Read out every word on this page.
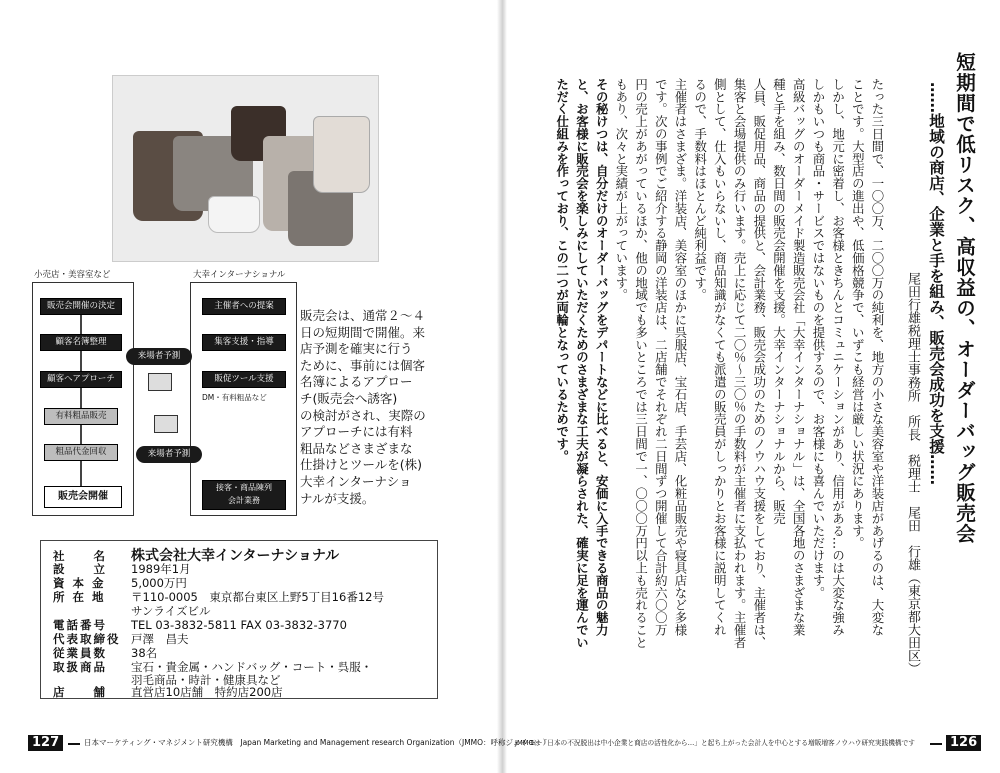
小売店・美容室など	大幸インターナショナル
販売会開催の決定
顧客名簿整理
顧客へアプローチ
有料粗品販売
粗品代金回収
販売会開催
主催者への提案
集客支援・指導
販促ツール支援
DM・有料粗品など
接客・商品陳列
会計業務
来場者予測
来場者予測
販売会は、通常２～４
日の短期間で開催。来
店予測を確実に行う
ために、事前には個客
名簿によるアプロー
チ(販売会へ誘客)
の検討がされ、実際の
アプローチには有料
粗品などさまざまな
仕掛けとツールを(株)
大幸インターナショ
ナルが支援。
社　　名 株式会社大幸インターナショナル
設　　立 1989年1月
資 本 金 5,000万円
所 在 地 〒110-0005　東京都台東区上野5丁目16番12号
サンライズビル
電話番号 TEL 03-3832-5811 FAX 03-3832-3770
代表取締役 戸澤　昌夫
従業員数 38名
取扱商品 宝石・貴金属・ハンドバッグ・コート・呉服・
羽毛商品・時計・健康具など
店　　舗 直営店10店舗　特約店200店
127	日本マーケティング・マネジメント研究機構　Japan Marketing and Management research Organization（JMMO：呼称ジェイモー）
短期間で低リスク、高収益の、オーダーバッグ販売会
……地域の商店、企業と手を組み、販売会成功を支援……
尾田行雄税理士事務所　所長　税理士　尾田　行雄（東京都大田区）
たった三日間で、一〇〇万、二〇〇万の純利を、地方の小さな美容室や洋装店があげるのは、大変な
ことです。大型店の進出や、低価格競争で、いずこも経営は厳しい状況にあります。
しかし、地元に密着し、お客様ときちんとコミュニケーションがあり、信用がある…のは大変な強み
しかもいつも商品・サービスではないものを提供するので、お客様にも喜んでいただけます。
高級バッグのオーダーメイド製造販売会社「大幸インターナショナル」は、全国各地のさまざまな業
種と手を組み、数日間の販売会開催を支援。大幸インターナショナルから、販売
人員、販促用品、商品の提供と、会計業務、販売会成功のためのノウハウ支援をしており、主催者は、
集客と会場提供のみ行います。売上に応じて二〇％～三〇％の手数料が主催者に支払われます。主催者
側として、仕入もいらないし、商品知識がなくても派遣の販売員がしっかりとお客様に説明してくれ
るので、手数料はほとんど純利益です。
主催者はさまざま。洋装店、美容室のほかに呉服店、宝石店、手芸店、化粧品販売や寝具店など多様
です。次の事例でご紹介する静岡の洋装店は、二店舗でそれぞれ二日間ずつ開催して合計約六〇〇万
円の売上があがっているほか、他の地域でも多いところでは三日間で一、〇〇〇万円以上も売れること
もあり、次々と実績が上がっています。
その秘けつは、自分だけのオーダーバッグをデパートなどに比べると、安価に入手できる商品の魅力
と、お客様に販売会を楽しみにしていただくためのさまざまな工夫が凝らされた、確実に足を運んでい
ただく仕組みを作っており、この二つが両輪となっているためです。
JMMOは「日本の不況脱出は中小企業と商店の活性化から…」と起ち上がった会計人を中心とする増販増客ノウハウ研究実践機構です	126
